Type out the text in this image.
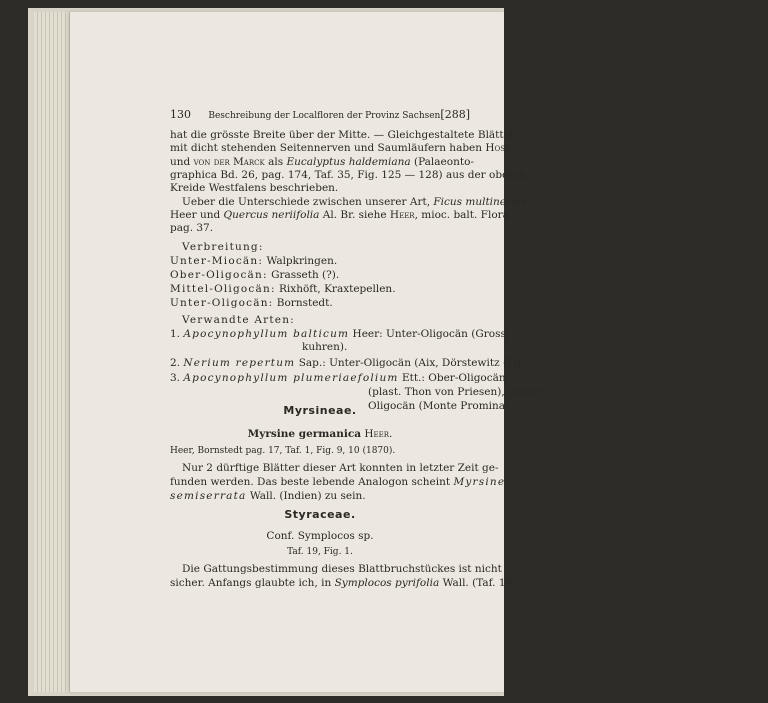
130 Beschreibung der Localfloren der Provinz Sachsen.
[288]
hat die grösste Breite über der Mitte. — Gleichgestaltete Blätter
mit dicht stehenden Seitennerven und Saumläufern haben Hosius
und von der Marck als Eucalyptus haldemiana (Palaeonto-
graphica Bd. 26, pag. 174, Taf. 35, Fig. 125 — 128) aus der oberen
Kreide Westfalens beschrieben.
Ueber die Unterschiede zwischen unserer Art, Ficus multinervis
Heer und Quercus neriifolia Al. Br. siehe Heer, mioc. balt. Flora
pag. 37.
Verbreitung:
Unter-Miocän: Walpkringen.
Ober-Oligocän: Grasseth (?).
Mittel-Oligocän: Rixhöft, Kraxtepellen.
Unter-Oligocän: Bornstedt.
Verwandte Arten:
1. Apocynophyllum balticum Heer: Unter-Oligocän (Gross-
kuhren).
2. Nerium repertum Sap.: Unter-Oligocän (Aix, Dörstewitz (?)).
3. Apocynophyllum plumeriaefolium Ett.: Ober-Oligocän
(plast. Thon von Priesen), Unter-
Oligocän (Monte Promina).
Myrsineae.
Myrsine germanica Heer.
Heer, Bornstedt pag. 17, Taf. 1, Fig. 9, 10 (1870).
Nur 2 dürftige Blätter dieser Art konnten in letzter Zeit ge-
funden werden. Das beste lebende Analogon scheint Myrsine
semiserrata Wall. (Indien) zu sein.
Styraceae.
Conf. Symplocos sp.
Taf. 19, Fig. 1.
Die Gattungsbestimmung dieses Blattbruchstückes ist nicht
sicher. Anfangs glaubte ich, in Symplocos pyrifolia Wall. (Taf. 19,
